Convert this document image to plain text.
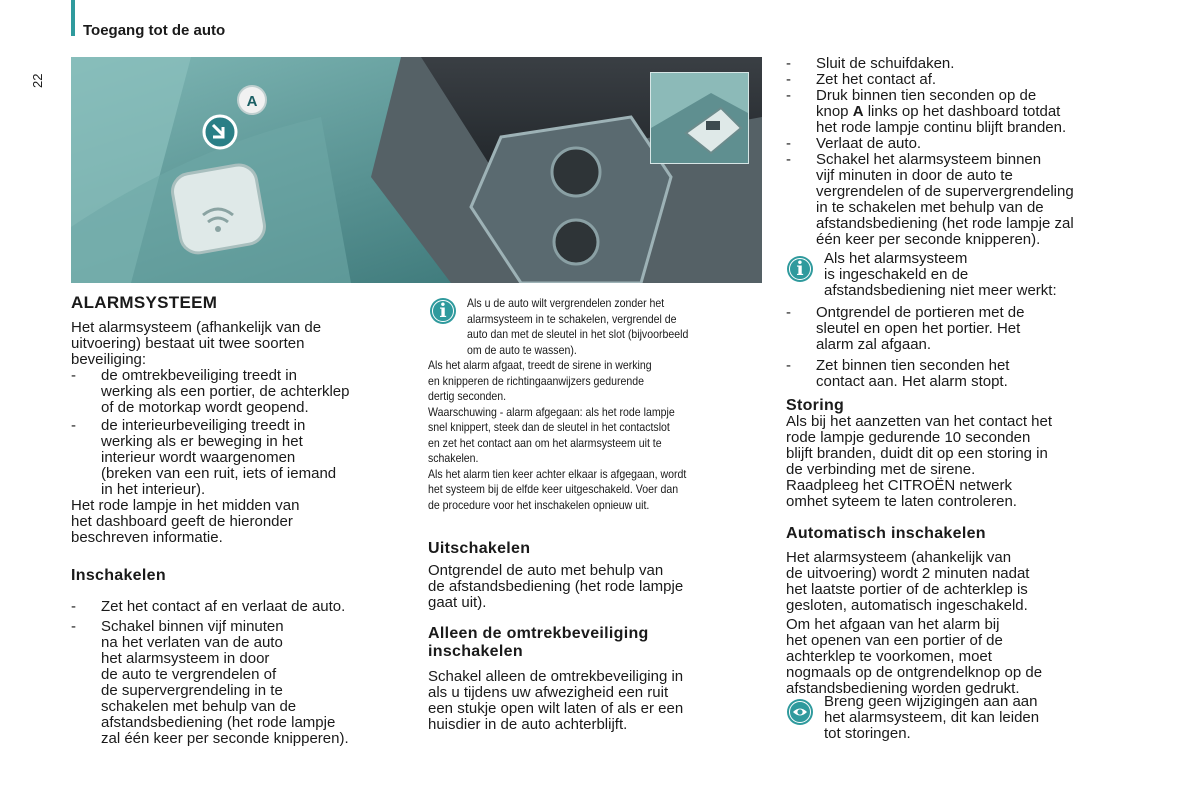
Toegang tot de auto
22
A
ALARMSYSTEEM
Het alarmsysteem (afhankelijk van de
uitvoering) bestaat uit twee soorten
beveiliging:
- de omtrekbeveiliging treedt in
werking als een portier, de achterklep
of de motorkap wordt geopend.
- de interieurbeveiliging treedt in
werking als er beweging in het
interieur wordt waargenomen
(breken van een ruit, iets of iemand
in het interieur).
Het rode lampje in het midden van
het dashboard geeft de hieronder
beschreven informatie.
Inschakelen
- Zet het contact af en verlaat de auto.
- Schakel binnen vijf minuten
na het verlaten van de auto
het alarmsysteem in door
de auto te vergrendelen of
de supervergrendeling in te
schakelen met behulp van de
afstandsbediening (het rode lampje
zal één keer per seconde knipperen).
i	Als u de auto wilt vergrendelen zonder het
alarmsysteem in te schakelen, vergrendel de
auto dan met de sleutel in het slot (bijvoorbeeld
om de auto te wassen).
Als het alarm afgaat, treedt de sirene in werking
en knipperen de richtingaanwijzers gedurende
dertig seconden.
Waarschuwing - alarm afgegaan: als het rode lampje
snel knippert, steek dan de sleutel in het contactslot
en zet het contact aan om het alarmsysteem uit te
schakelen.
Als het alarm tien keer achter elkaar is afgegaan, wordt
het systeem bij de elfde keer uitgeschakeld. Voer dan
de procedure voor het inschakelen opnieuw uit.
Uitschakelen
Ontgrendel de auto met behulp van
de afstandsbediening (het rode lampje
gaat uit).
Alleen de omtrekbeveiliging
inschakelen
Schakel alleen de omtrekbeveiliging in
als u tijdens uw afwezigheid een ruit
een stukje open wilt laten of als er een
huisdier in de auto achterblijft.
- Sluit de schuifdaken.
- Zet het contact af.
- Druk binnen tien seconden op de
knop A links op het dashboard totdat
het rode lampje continu blijft branden.
- Verlaat de auto.
- Schakel het alarmsysteem binnen
vijf minuten in door de auto te
vergrendelen of de supervergrendeling
in te schakelen met behulp van de
afstandsbediening (het rode lampje zal
één keer per seconde knipperen).
i	Als het alarmsysteem
is ingeschakeld en de
afstandsbediening niet meer werkt:
- Ontgrendel de portieren met de
sleutel en open het portier. Het
alarm zal afgaan.
- Zet binnen tien seconden het
contact aan. Het alarm stopt.
Storing
Als bij het aanzetten van het contact het
rode lampje gedurende 10 seconden
blijft branden, duidt dit op een storing in
de verbinding met de sirene.
Raadpleeg het CITROËN netwerk
omhet syteem te laten controleren.
Automatisch inschakelen
Het alarmsysteem (ahankelijk van
de uitvoering) wordt 2 minuten nadat
het laatste portier of de achterklep is
gesloten, automatisch ingeschakeld.
Om het afgaan van het alarm bij
het openen van een portier of de
achterklep te voorkomen, moet
nogmaals op de ontgrendelknop op de
afstandsbediening worden gedrukt.
Breng geen wijzigingen aan aan
het alarmsysteem, dit kan leiden
tot storingen.
